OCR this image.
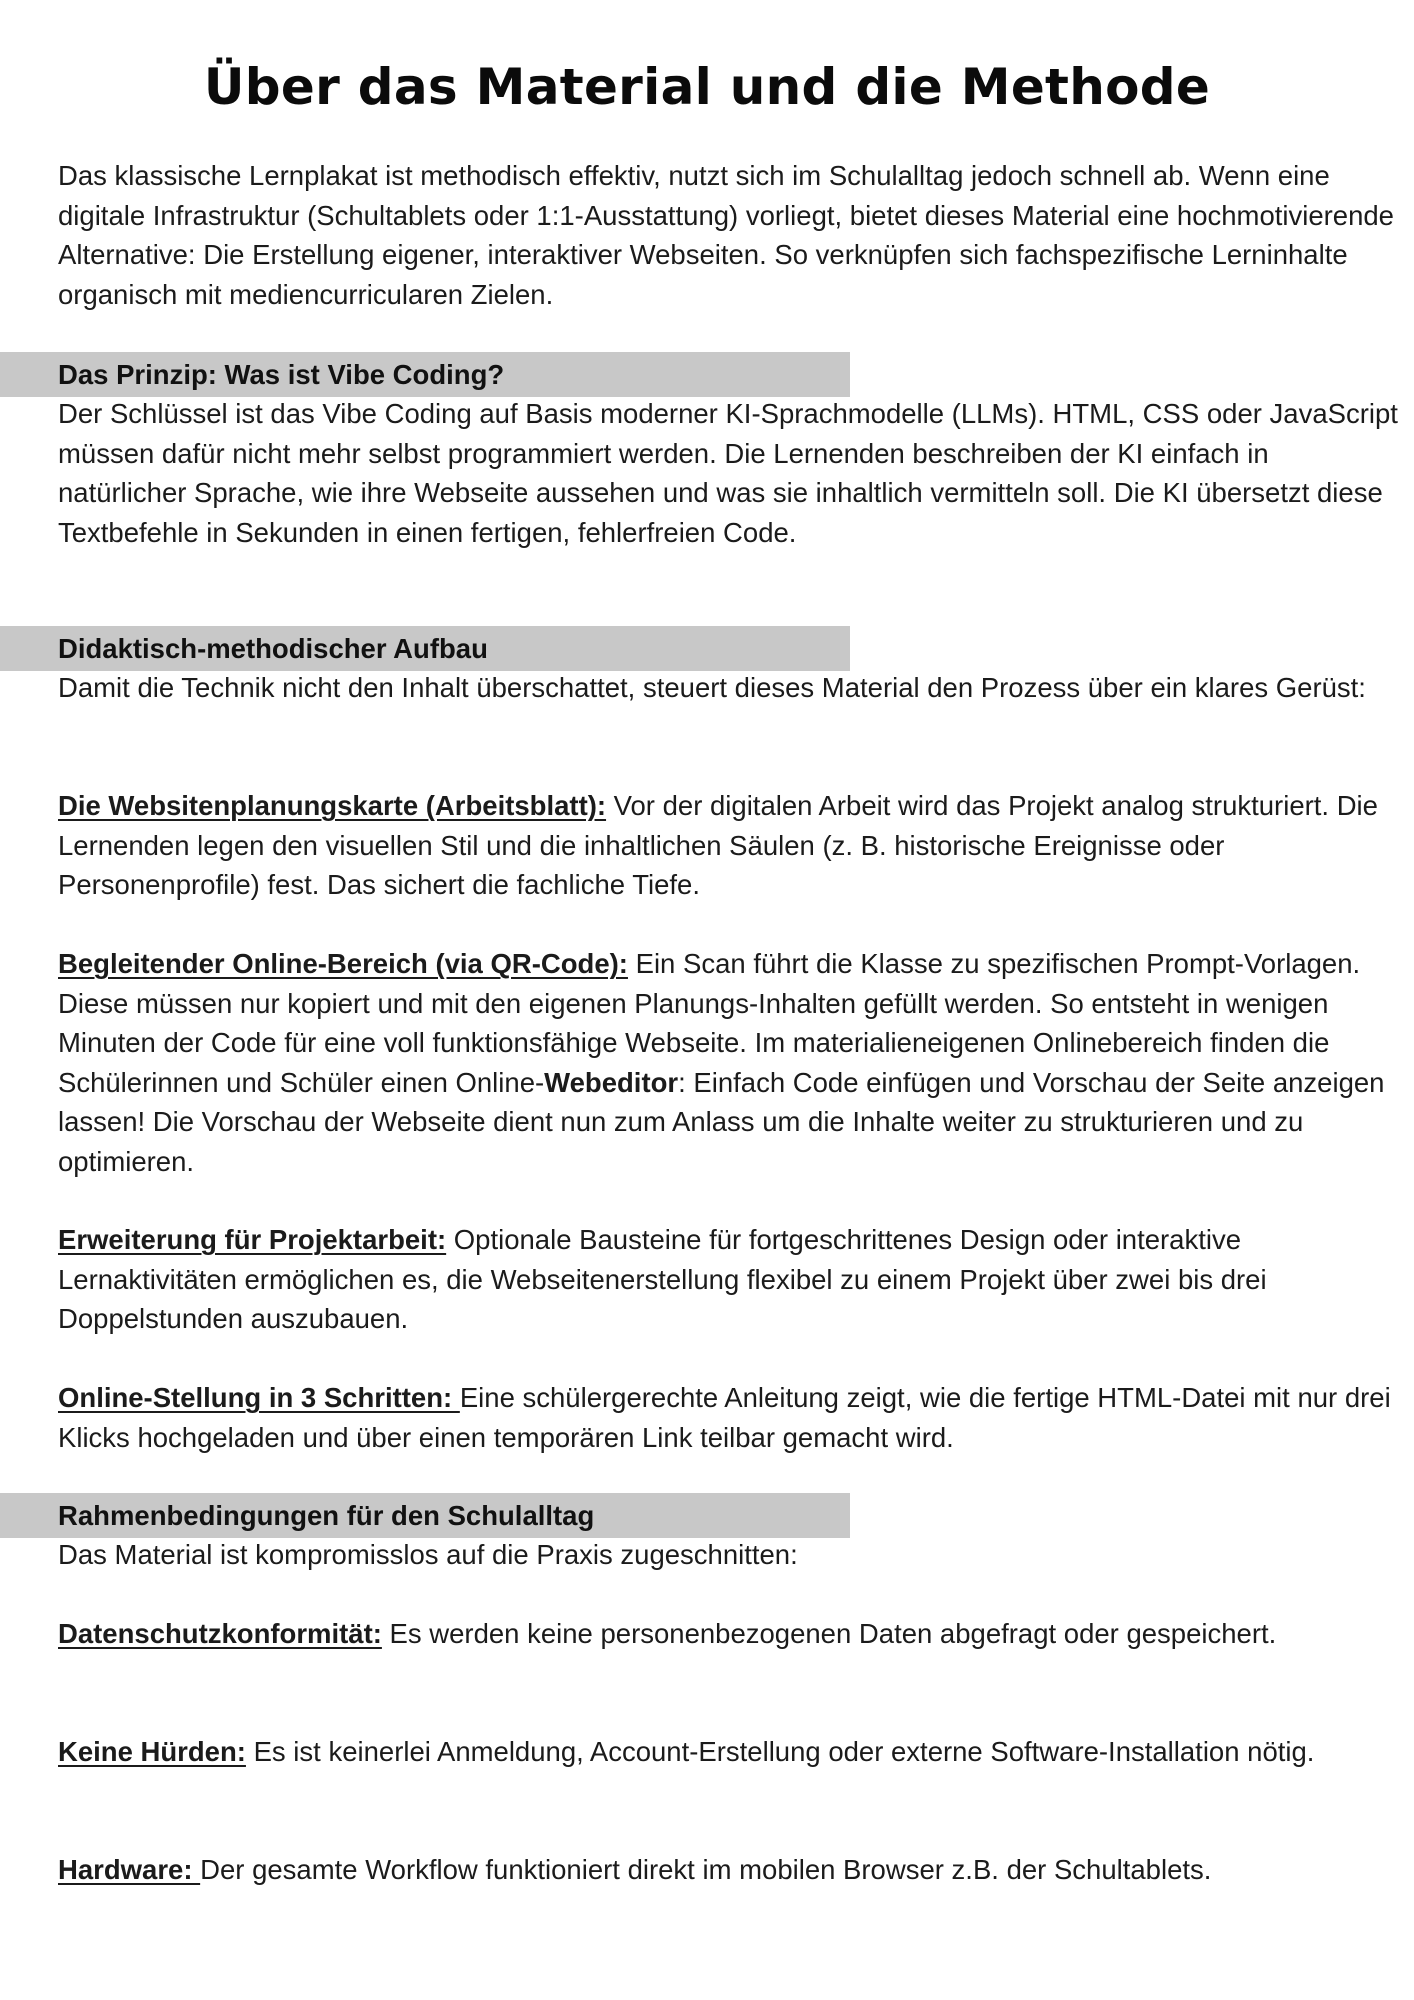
Über das Material und die Methode

Das klassische Lernplakat ist methodisch effektiv, nutzt sich im Schulalltag jedoch schnell ab. Wenn eine digitale Infrastruktur (Schultablets oder 1:1-Ausstattung) vorliegt, bietet dieses Material eine hochmotivierende Alternative: Die Erstellung eigener, interaktiver Webseiten. So verknüpfen sich fachspezifische Lerninhalte organisch mit mediencurricularen Zielen.

Das Prinzip: Was ist Vibe Coding?

Der Schlüssel ist das Vibe Coding auf Basis moderner KI-Sprachmodelle (LLMs). HTML, CSS oder JavaScript müssen dafür nicht mehr selbst programmiert werden. Die Lernenden beschreiben der KI einfach in natürlicher Sprache, wie ihre Webseite aussehen und was sie inhaltlich vermitteln soll. Die KI übersetzt diese Textbefehle in Sekunden in einen fertigen, fehlerfreien Code.

Didaktisch-methodischer Aufbau

Damit die Technik nicht den Inhalt überschattet, steuert dieses Material den Prozess über ein klares Gerüst:

Die Websitenplanungskarte (Arbeitsblatt): Vor der digitalen Arbeit wird das Projekt analog strukturiert. Die Lernenden legen den visuellen Stil und die inhaltlichen Säulen (z. B. historische Ereignisse oder Personenprofile) fest. Das sichert die fachliche Tiefe.

Begleitender Online-Bereich (via QR-Code): Ein Scan führt die Klasse zu spezifischen Prompt-Vorlagen. Diese müssen nur kopiert und mit den eigenen Planungs-Inhalten gefüllt werden. So entsteht in wenigen Minuten der Code für eine voll funktionsfähige Webseite. Im materialieneigenen Onlinebereich finden die Schülerinnen und Schüler einen Online-Webeditor: Einfach Code einfügen und Vorschau der Seite anzeigen lassen! Die Vorschau der Webseite dient nun zum Anlass um die Inhalte weiter zu strukturieren und zu optimieren.

Erweiterung für Projektarbeit: Optionale Bausteine für fortgeschrittenes Design oder interaktive Lernaktivitäten ermöglichen es, die Webseitenerstellung flexibel zu einem Projekt über zwei bis drei Doppelstunden auszubauen.

Online-Stellung in 3 Schritten: Eine schülergerechte Anleitung zeigt, wie die fertige HTML-Datei mit nur drei Klicks hochgeladen und über einen temporären Link teilbar gemacht wird.

Rahmenbedingungen für den Schulalltag

Das Material ist kompromisslos auf die Praxis zugeschnitten:

Datenschutzkonformität: Es werden keine personenbezogenen Daten abgefragt oder gespeichert.

Keine Hürden: Es ist keinerlei Anmeldung, Account-Erstellung oder externe Software-Installation nötig.

Hardware: Der gesamte Workflow funktioniert direkt im mobilen Browser z.B. der Schultablets.
